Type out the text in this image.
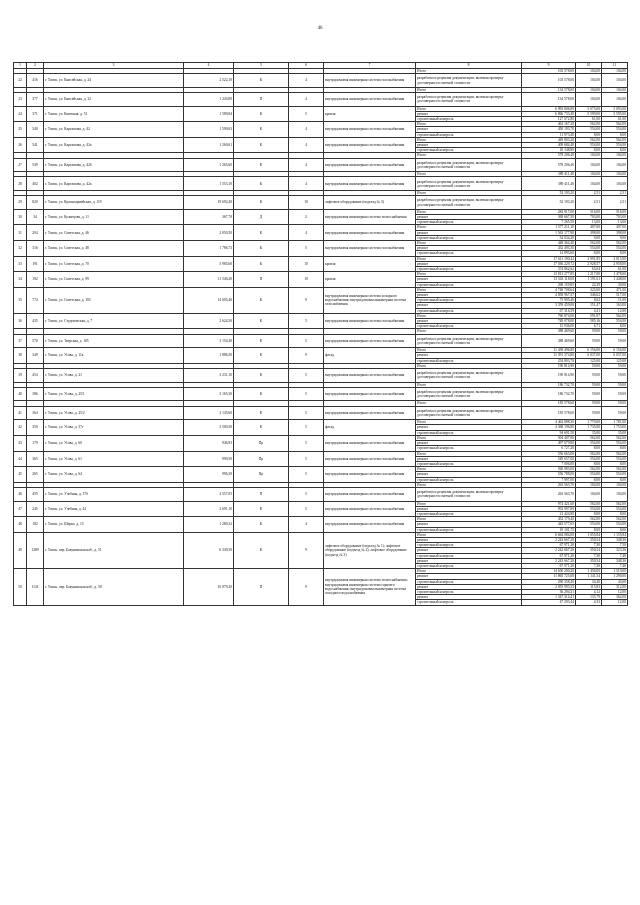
46
1	2	3	4	5	6	7	8	9	10	11
							Итого	103 578,00	104,00	104,00
22	416	г. Томск, ул. Енисейская, д. 24	2 522,10	К	4	внутридомовая инженерная система газоснабжения	разработка и рецензия документации, включая проверку достоверности сметной стоимости	103 578,00	104,00	104,00
							Итого	134 578,00	104,00	104,00
23	377	г. Томск, ул. Енисейская, д. 32	1 243,00	П	4	внутридомовая инженерная система газоснабжения	разработка и рецензия документации, включая проверку достоверности сметной стоимости	134 578,00	104,00	104,00
24	371	г. Томск, ул. Киевская, д. 51	1 589,84	К	5	кровля	Итого	6 993 806,80	5 075,00	5 093,00
							ремонт	6 866 733,40	5 599,00	5 595,00
							строительный контроль	127 072,80	61,00	61,00
25	540	г. Томск, ул. Карташова, д. 42	1 590,63	К	4	внутридомовая инженерная система газоснабжения	Итого	462 167,20	562,00	562,00
							ремонт	450 193,70	554,00	554,00
							строительный контроль	11 973,40	8,00	8,00
26	541	г. Томск, ул. Карташова, д. 42а	1 260,61	К	4	внутридомовая инженерная система газоснабжения	Итого	449 803,20	562,00	562,00
							ремонт	409 684,40	554,00	554,00
							строительный контроль	10 148,80	8,00	8,00
							Итого	578 206,40	104,00	104,00
27	549	г. Томск, ул. Карташова, д. 42б	1 265,60	К	4	внутридомовая инженерная система газоснабжения	разработка и рецензия документации, включая проверку достоверности сметной стоимости	578 206,40	104,00	104,00
							Итого	389 411,40	104,00	104,00
28	402	г. Томск, ул. Карташова, д. 42а	1 553,10	К	4	внутридомовая инженерная система газоснабжения	разработка и рецензия документации, включая проверку достоверности сметной стоимости	389 411,40	104,00	104,00
							Итого	52 193,20	2,51	2,51
29	820	г. Томск, ул. Красноармейская, д. 119	19 692,40	К	10	лифтовое оборудование (подъезд № 3)	разработка и рецензия документации, включая проверку достоверности сметной стоимости	52 193,20	2,51	2,51
30	34	г. Томск, ул. Кузнецова, д. 11	367,70	Д	2	внутридомовая инженерная система теплоснабжения	Итого	284 917,00	516,00	516,00
							ремонт	369 667,50	703,00	703,00
							строительный контроль	7 265,50	13,00	13,00
31	294	г. Томск, ул. Советская, д. 46	2 050,50	К	4	внутридомовая инженерная система газоснабжения	Итого	1 577 211,10	407,00	407,00
							ремонт	1 563 177,90	398,00	398,00
							строительный контроль	34 034,20	9,00	9,00
32	316	г. Томск, ул. Советская, д. 48	1 786,73	К	5	внутридомовая инженерная система газоснабжения	Итого	448 364,40	562,00	562,00
							ремонт	432 493,30	554,00	554,00
							строительный контроль	14 893,60	8,00	8,00
33	191	г. Томск, ул. Советская, д. 70	5 985,60	К	10	кровля	Итого	17 611 190,42	2 991,85	3 015,00
							ремонт	17 036 229,72	2 928,57	2 958,00
							строительный контроль	374 862,62	63,64	61,00
34	192	г. Томск, ул. Советская, д. 99	11 540,20	П	10	кровля	Итого	13 813 277,85	1 217,00	1 478,00
							ремонт	13 543 118,00	1 191,61	1 448,00
							строительный контроль	268 159,85	24,39	30,00
35	774	г. Томск, ул. Советская, д. 103	14 605,46	К	9	внутридомовая инженерная система холодного водоснабжения; внутридомовая инженерная система газоснабжения	Итого	4 748 708,64	325,00	471,00
							ремонт	4 858 967,57	346,62	517,00
							строительный контроль	75 905,46	8,62	11,00
							ремонт	3 359 459,00	151,47	163,00
							строительный контроль	67 316,59	4,41	12,00
36	435	г. Томск, ул. Студенческая, д. 7	2 624,50	К	5	внутридомовая инженерная система газоснабжения	Итого	760 874,00	591,87	562,00
							ремонт	748 078,00	585,16	554,00
							строительный контроль	15 936,00	6,71	8,00
							Итого	388 469,60	59,00	59,00
37	570	г. Томск, ул. Тверская, д. 105	3 154,40	К	5	внутридомовая инженерная система газоснабжения	разработка и рецензия документации, включая проверку достоверности сметной стоимости	388 469,60	59,00	59,00
38	349	г. Томск, ул. Усова, д. 11а	1 886,50	К	9	фасад	Итого	11 458 496,80	6 156,00	6 156,00
							ремонт	11 391 374,80	6 037,00	6 037,00
							строительный контроль	254 893,70	125,00	125,00
							Итого	190 814,90	59,00	59,00
39	454	г. Томск, ул. Усова, д. 21	3 231,10	К	5	внутридомовая инженерная система газоснабжения	разработка и рецензия документации, включая проверку достоверности сметной стоимости	190 814,90	59,00	59,00
							Итого	186 732,70	59,00	59,00
40	386	г. Томск, ул. Усова, д. 25/1	3 165,30	К	5	внутридомовая инженерная система газоснабжения	разработка и рецензия документации, включая проверку достоверности сметной стоимости	186 732,70	59,00	59,00
							Итого	185 578,60	59,00	59,00
41	364	г. Томск, ул. Усова, д. 25/2	3 145,60	К	5	внутридомовая инженерная система газоснабжения	разработка и рецензия документации, включая проверку достоверности сметной стоимости	185 578,60	59,00	59,00
42	350	г. Томск, ул. Усова, д. 57г	2 500,50	К	5	фасад	Итого	4 462 888,30	1 770,00	1 781,00
							ремонт	4 368 196,80	1 735,00	1 753,00
							строительный контроль	94 691,50	35,00	35,00
43	179	г. Томск, ул. Усова, д. 60	946,93	Пр	5	внутридомовая инженерная система газоснабжения	Итого	504 407,00	562,00	562,00
							ремонт	497 679,80	554,00	554,00
							строительный контроль	6 727,20	8,00	8,00
44	365	г. Томск, ул. Усова, д. 61	990,50	Пр	5	внутридомовая инженерная система газоснабжения	Итого	556 663,00	562,00	562,00
							ремонт	549 657,00	554,00	554,00
							строительный контроль	7 006,00	8,00	8,00
45	265	г. Томск, ул. Усова, д. 64	996,30	Пр	5	внутридомовая инженерная система газоснабжения	Итого	560 983,00	562,00	562,00
							ремонт	556 788,00	554,00	554,00
							строительный контроль	7 997,00	8,00	8,00
							Итого	263 563,70	104,00	104,00
46	455	г. Томск, ул. Учебная, д. 37б	2 557,05	П	5	внутридомовая инженерная система газоснабжения	разработка и рецензия документации, включая проверку достоверности сметной стоимости	263 563,70	104,00	104,00
47	245	г. Томск, ул. Учебная, д. 42	2 691,10	К	5	внутридомовая инженерная система газоснабжения	Итого	974 421,60	562,00	562,00
							ремонт	952 997,80	554,00	554,00
							строительный контроль	21 424,80	8,00	8,00
48	182	г. Томск, ул. Шерко, д. 13	1 280,32	К	4	внутридомовая инженерная система газоснабжения	Итого	452 179,40	562,00	562,00
							ремонт	443 577,65	554,00	554,00
							строительный контроль	10 101,75	8,00	8,00
49	1289	г. Томск, пер. Бакунинская наб., д. 51	6 349,30	К	9	лифтовое оборудование (подъезд № 1); лифтовое оборудование (подъезд № 2); лифтовое оборудование (подъезд № 3)	Итого	6 664 084,00	1 055,84	1 155,84
							ремонт	2 243 667,20	350,54	348,36
							строительный контроль	67 971,20	7,30	7,50
							ремонт	2 242 667,20	350,54	323,36
							строительный контроль	67 971,20	7,30	7,48
							ремонт	2 243 667,20	350,54	348,36
							строительный контроль	67 971,20	7,30	7,48
50	1141	г. Томск, пер. Бакунинская наб., д. 58	10 079,20	П	9	внутридомовая инженерная система теплоснабжения; внутридомовая инженерная система горячего водоснабжения; внутридомовая инженерная система холодного водоснабжения	Итого	14 650 200,20	1 456,00	1 519,00
							ремонт	11 865 725,68	1 141,54	1 290,00
							строительный контроль	290 358,20	34,40	43,00
							ремонт	2 055 993,33	115,83	312,00
							строительный контроль	36 294,31	4,12	12,00
							ремонт	1 347 314,41	135,79	362,00
							строительный контроль	47 293,44	4,33	12,00
